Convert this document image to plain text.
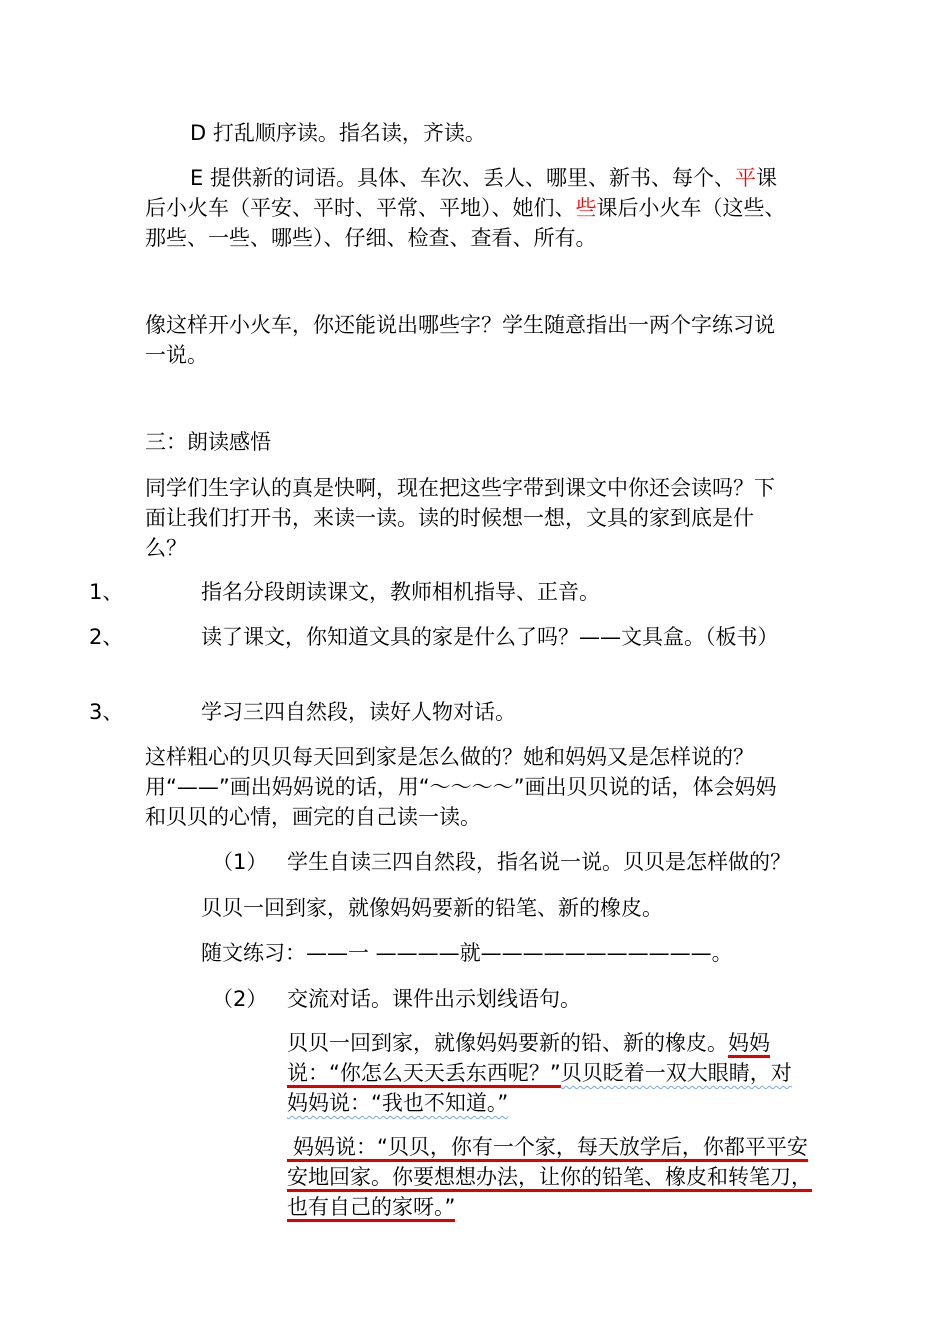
D 打乱顺序读。指名读，齐读。
E 提供新的词语。具体、车次、丢人、哪里、新书、每个、平课后小火车（平安、平时、平常、平地）、她们、些课后小火车（这些、那些、一些、哪些）、仔细、检查、查看、所有。
像这样开小火车，你还能说出哪些字？学生随意指出一两个字练习说一说。
三：朗读感悟
同学们生字认的真是快啊，现在把这些字带到课文中你还会读吗？下面让我们打开书，来读一读。读的时候想一想，文具的家到底是什么？
1、	指名分段朗读课文，教师相机指导、正音。
2、	读了课文，你知道文具的家是什么了吗？——文具盒。（板书）
3、	学习三四自然段，读好人物对话。
这样粗心的贝贝每天回到家是怎么做的？她和妈妈又是怎样说的？用“——”画出妈妈说的话，用“～～～～”画出贝贝说的话，体会妈妈和贝贝的心情，画完的自己读一读。
（1） 学生自读三四自然段，指名说一说。贝贝是怎样做的？
贝贝一回到家，就像妈妈要新的铅笔、新的橡皮。
随文练习：——一 ————就———————————。
（2） 交流对话。课件出示划线语句。
贝贝一回到家，就像妈妈要新的铅、新的橡皮。妈妈说：“你怎么天天丢东西呢？”贝贝眨着一双大眼睛，对妈妈说：“我也不知道。”
妈妈说：“贝贝，你有一个家，每天放学后，你都平平安安地回家。你要想想办法，让你的铅笔、橡皮和转笔刀，也有自己的家呀。”
